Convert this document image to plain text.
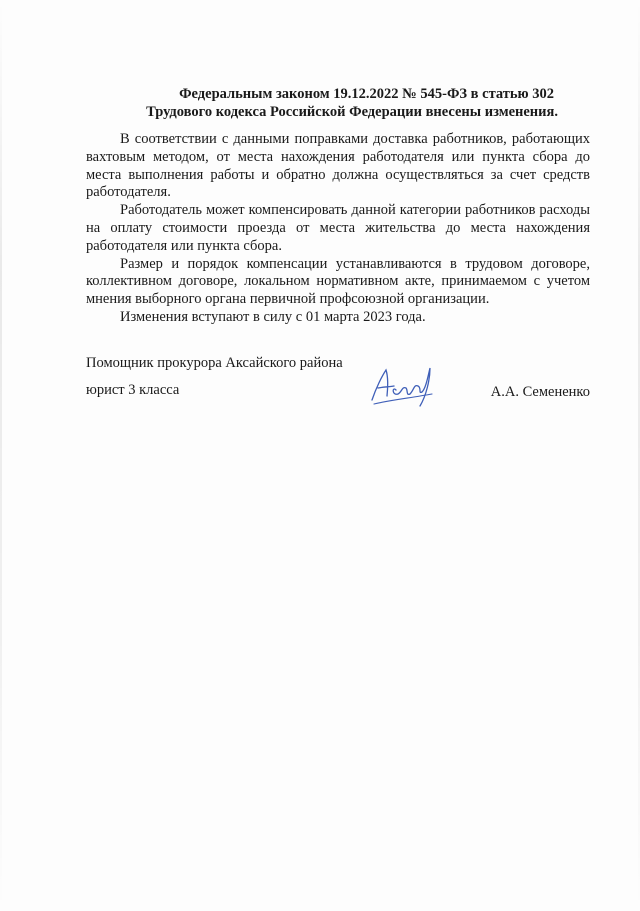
Федеральным законом 19.12.2022 № 545-ФЗ в статью 302
Трудового кодекса Российской Федерации внесены изменения.

В соответствии с данными поправками доставка работников, работающих вахтовым методом, от места нахождения работодателя или пункта сбора до места выполнения работы и обратно должна осуществляться за счет средств работодателя.

Работодатель может компенсировать данной категории работников расходы на оплату стоимости проезда от места жительства до места нахождения работодателя или пункта сбора.

Размер и порядок компенсации устанавливаются в трудовом договоре, коллективном договоре, локальном нормативном акте, принимаемом с учетом мнения выборного органа первичной профсоюзной организации.

Изменения вступают в силу с 01 марта 2023 года.

Помощник прокурора Аксайского района
юрист 3 класса	А.А. Семененко
